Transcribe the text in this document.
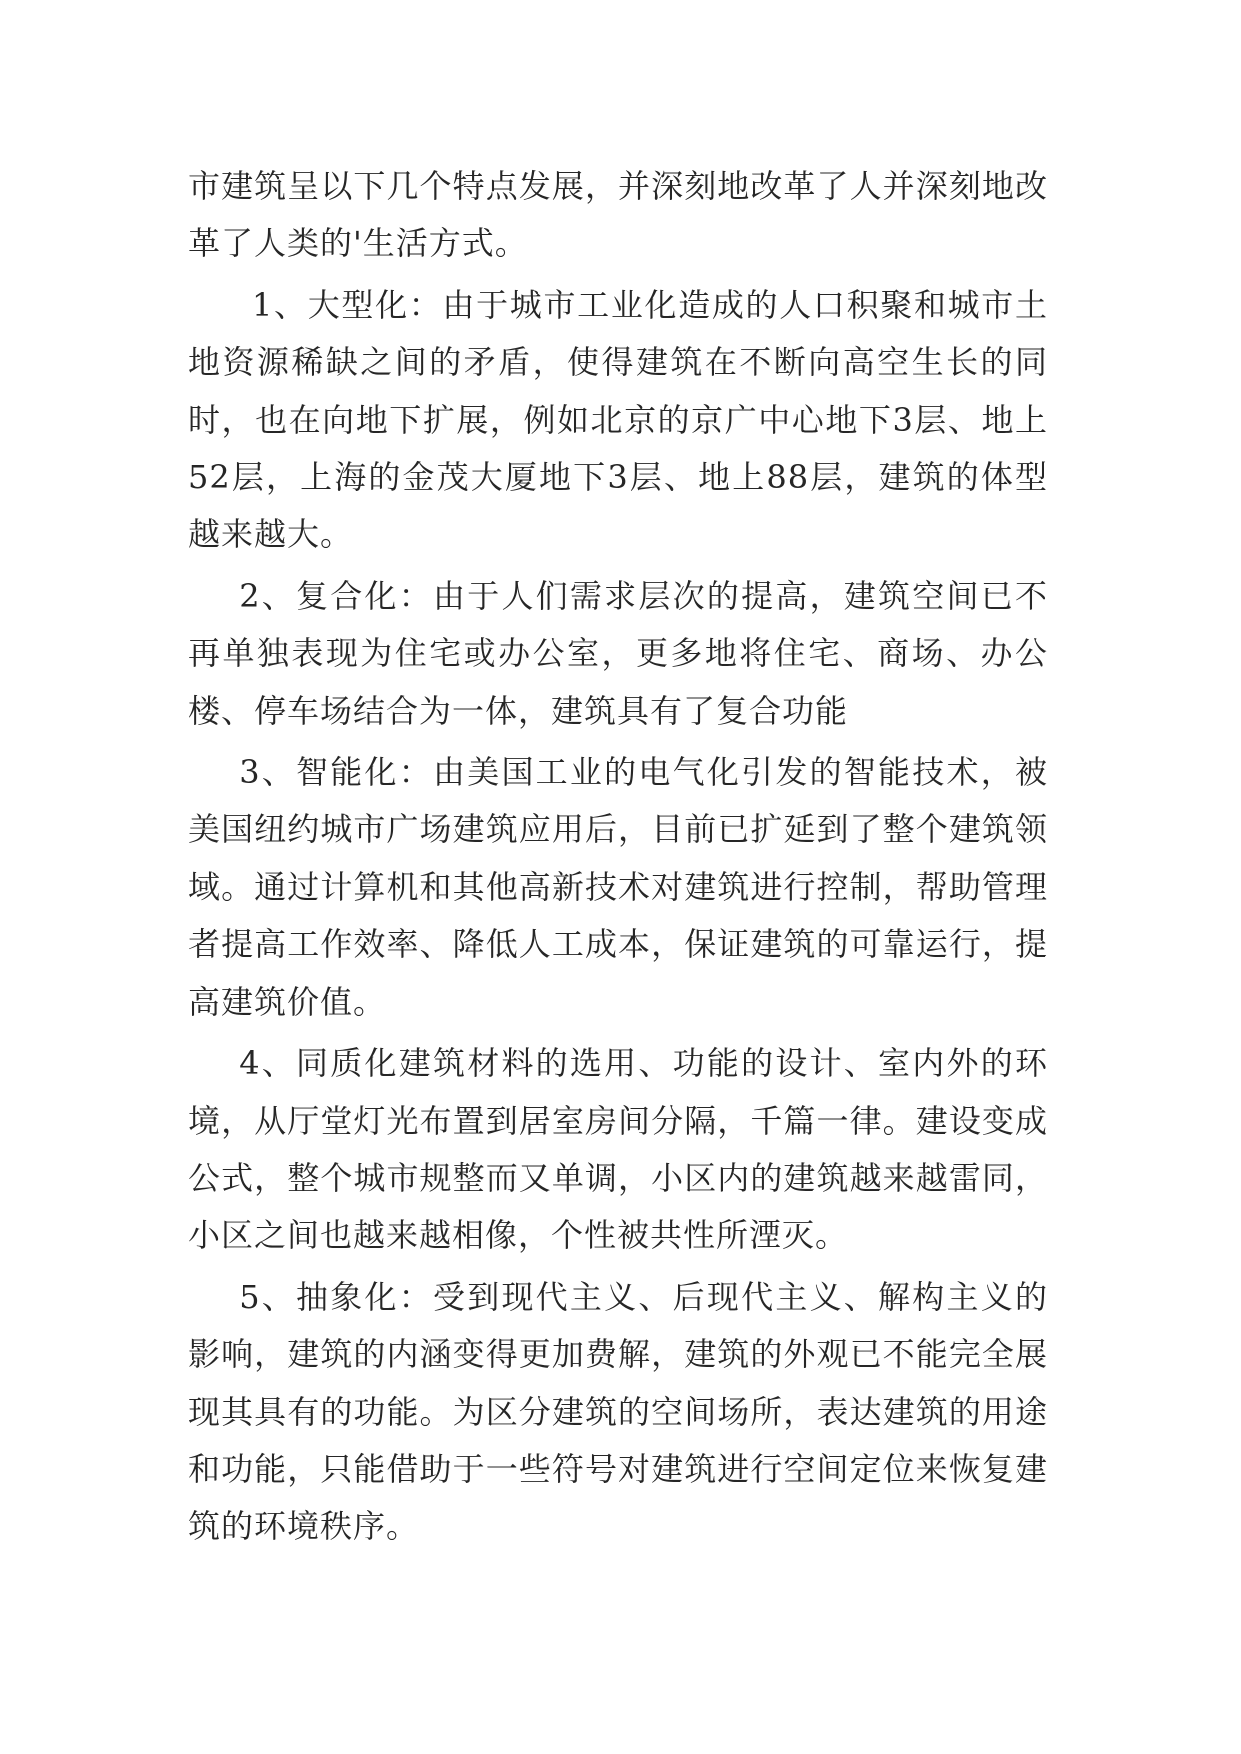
市建筑呈以下几个特点发展，并深刻地改革了人并深刻地改革了人类的'生活方式。

1、大型化：由于城市工业化造成的人口积聚和城市土地资源稀缺之间的矛盾，使得建筑在不断向高空生长的同时，也在向地下扩展，例如北京的京广中心地下3层、地上52层，上海的金茂大厦地下3层、地上88层，建筑的体型越来越大。

2、复合化：由于人们需求层次的提高，建筑空间已不再单独表现为住宅或办公室，更多地将住宅、商场、办公楼、停车场结合为一体，建筑具有了复合功能

3、智能化：由美国工业的电气化引发的智能技术，被美国纽约城市广场建筑应用后，目前已扩延到了整个建筑领域。通过计算机和其他高新技术对建筑进行控制，帮助管理者提高工作效率、降低人工成本，保证建筑的可靠运行，提高建筑价值。

4、同质化建筑材料的选用、功能的设计、室内外的环境，从厅堂灯光布置到居室房间分隔，千篇一律。建设变成公式，整个城市规整而又单调，小区内的建筑越来越雷同，小区之间也越来越相像，个性被共性所湮灭。

5、抽象化：受到现代主义、后现代主义、解构主义的影响，建筑的内涵变得更加费解，建筑的外观已不能完全展现其具有的功能。为区分建筑的空间场所，表达建筑的用途和功能，只能借助于一些符号对建筑进行空间定位来恢复建筑的环境秩序。
